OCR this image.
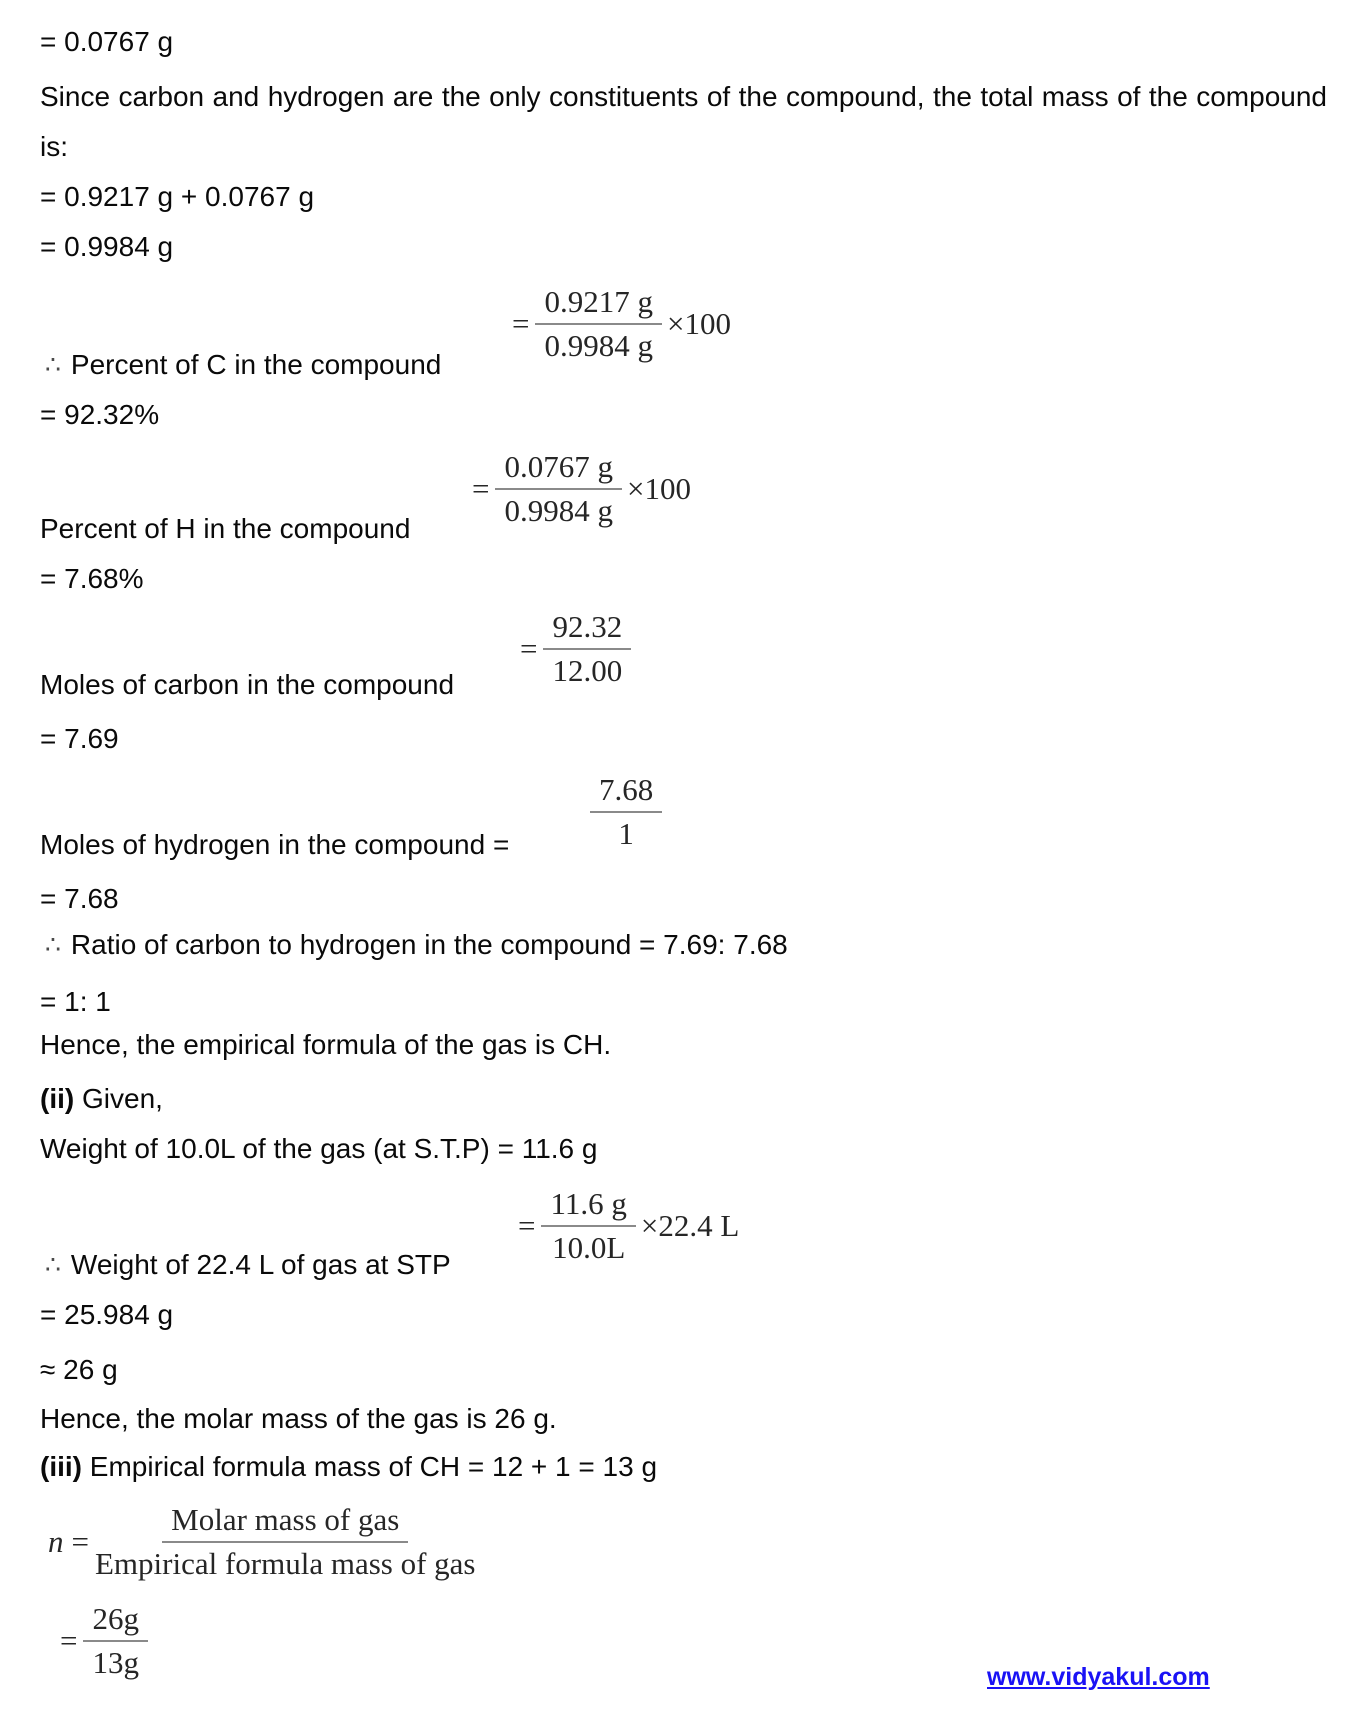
= 0.0767 g
Since carbon and hydrogen are the only constituents of the compound, the total mass of the compound is:
= 0.9217 g + 0.0767 g
= 0.9984 g
∴ Percent of C in the compound
= $\frac{0.9217 g}{0.9984 g} \times 100$
= 92.32%
Percent of H in the compound
= $\frac{0.0767 g}{0.9984 g} \times 100$
= 7.68%
Moles of carbon in the compound
= $\frac{92.32}{12.00}$
= 7.69
Moles of hydrogen in the compound =	$\frac{7.68}{1}$
= 7.68
∴ Ratio of carbon to hydrogen in the compound = 7.69: 7.68
= 1: 1
Hence, the empirical formula of the gas is CH.
(ii) Given,
Weight of 10.0L of the gas (at S.T.P) = 11.6 g
∴ Weight of 22.4 L of gas at STP
= $\frac{11.6 g}{10.0L} \times 22.4$ L
= 25.984 g
≈ 26 g
Hence, the molar mass of the gas is 26 g.
(iii) Empirical formula mass of CH = 12 + 1 = 13 g
$n = \frac{\text{Molar mass of gas}}{\text{Empirical formula mass of gas}}$
= $\frac{26g}{13g}$	www.vidyakul.com
